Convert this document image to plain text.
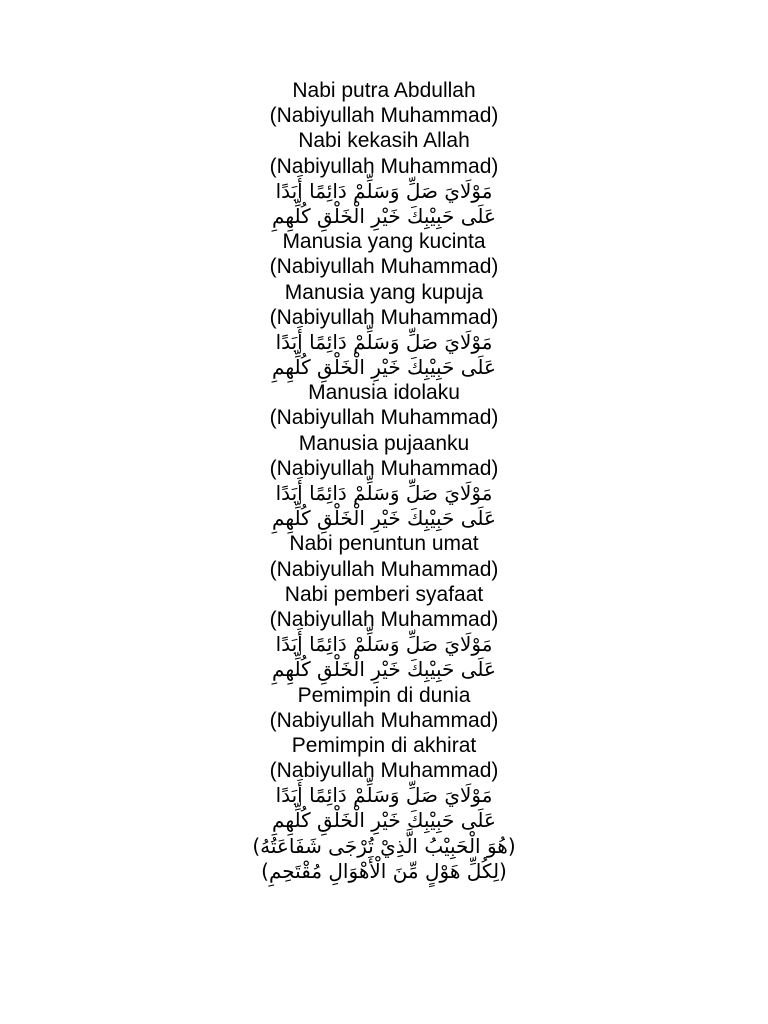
Nabi putra Abdullah
(Nabiyullah Muhammad)
Nabi kekasih Allah
(Nabiyullah Muhammad)
مَوْلَايَ صَلِّ وَسَلِّمْ دَائِمًا أَبَدًا
عَلَى حَبِيْبِكَ خَيْرِ الْخَلْقِ كُلِّهِمِ
Manusia yang kucinta
(Nabiyullah Muhammad)
Manusia yang kupuja
(Nabiyullah Muhammad)
مَوْلَايَ صَلِّ وَسَلِّمْ دَائِمًا أَبَدًا
عَلَى حَبِيْبِكَ خَيْرِ الْخَلْقِ كُلِّهِمِ
Manusia idolaku
(Nabiyullah Muhammad)
Manusia pujaanku
(Nabiyullah Muhammad)
مَوْلَايَ صَلِّ وَسَلِّمْ دَائِمًا أَبَدًا
عَلَى حَبِيْبِكَ خَيْرِ الْخَلْقِ كُلِّهِمِ
Nabi penuntun umat
(Nabiyullah Muhammad)
Nabi pemberi syafaat
(Nabiyullah Muhammad)
مَوْلَايَ صَلِّ وَسَلِّمْ دَائِمًا أَبَدًا
عَلَى حَبِيْبِكَ خَيْرِ الْخَلْقِ كُلِّهِمِ
Pemimpin di dunia
(Nabiyullah Muhammad)
Pemimpin di akhirat
(Nabiyullah Muhammad)
مَوْلَايَ صَلِّ وَسَلِّمْ دَائِمًا أَبَدًا
عَلَى حَبِيْبِكَ خَيْرِ الْخَلْقِ كُلِّهِمِ
(هُوَ الْحَبِيْبُ الَّذِيْ تُرْجَى شَفَاعَتُهُ)
(لِكُلِّ هَوْلٍ مِّنَ الْأَهْوَالِ مُقْتَحِمِ)
